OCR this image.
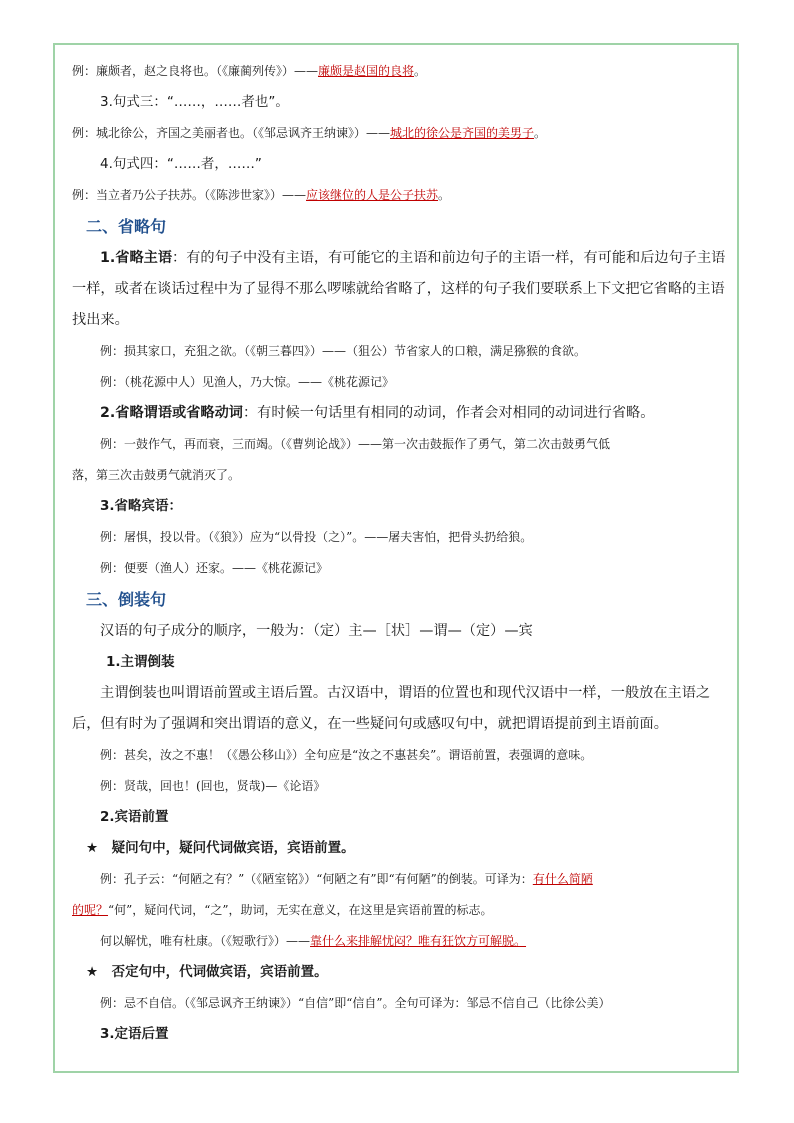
例：廉颇者，赵之良将也。（《廉蔺列传》）——廉颇是赵国的良将。
3.句式三：“……，……者也”。
例：城北徐公，齐国之美丽者也。（《邹忌讽齐王纳谏》）——城北的徐公是齐国的美男子。
4.句式四：“……者，……”
例：当立者乃公子扶苏。（《陈涉世家》）——应该继位的人是公子扶苏。
二、省略句
1.省略主语：有的句子中没有主语，有可能它的主语和前边句子的主语一样，有可能和后边句子主语
一样，或者在谈话过程中为了显得不那么啰嗦就给省略了，这样的句子我们要联系上下文把它省略的主语
找出来。
例：损其家口，充狙之欲。（《朝三暮四》）——（狙公）节省家人的口粮，满足猕猴的食欲。
例：（桃花源中人）见渔人，乃大惊。——《桃花源记》
2.省略谓语或省略动词：有时候一句话里有相同的动词，作者会对相同的动词进行省略。
例：一鼓作气，再而衰，三而竭。（《曹刿论战》）——第一次击鼓振作了勇气，第二次击鼓勇气低
落，第三次击鼓勇气就消灭了。
3.省略宾语：
例：屠惧，投以骨。（《狼》）应为“以骨投（之）”。——屠夫害怕，把骨头扔给狼。
例：便要（渔人）还家。——《桃花源记》
三、倒装句
汉语的句子成分的顺序，一般为：（定）主—［状］—谓—（定）—宾
1.主谓倒装
主谓倒装也叫谓语前置或主语后置。古汉语中，谓语的位置也和现代汉语中一样，一般放在主语之
后，但有时为了强调和突出谓语的意义，在一些疑问句或感叹句中，就把谓语提前到主语前面。
例：甚矣，汝之不惠！（《愚公移山》）全句应是“汝之不惠甚矣”。谓语前置，表强调的意味。
例：贤哉，回也！(回也，贤哉)—《论语》
2.宾语前置
★　疑问句中，疑问代词做宾语，宾语前置。
例：孔子云：“何陋之有？”（《陋室铭》）“何陋之有”即“有何陋”的倒装。可译为：有什么简陋
的呢？“何”，疑问代词，“之”，助词，无实在意义，在这里是宾语前置的标志。
何以解忧，唯有杜康。（《短歌行》）——靠什么来排解忧闷？唯有狂饮方可解脱。
★　否定句中，代词做宾语，宾语前置。
例：忌不自信。（《邹忌讽齐王纳谏》）“自信”即“信自”。全句可译为：邹忌不信自己（比徐公美）
3.定语后置
